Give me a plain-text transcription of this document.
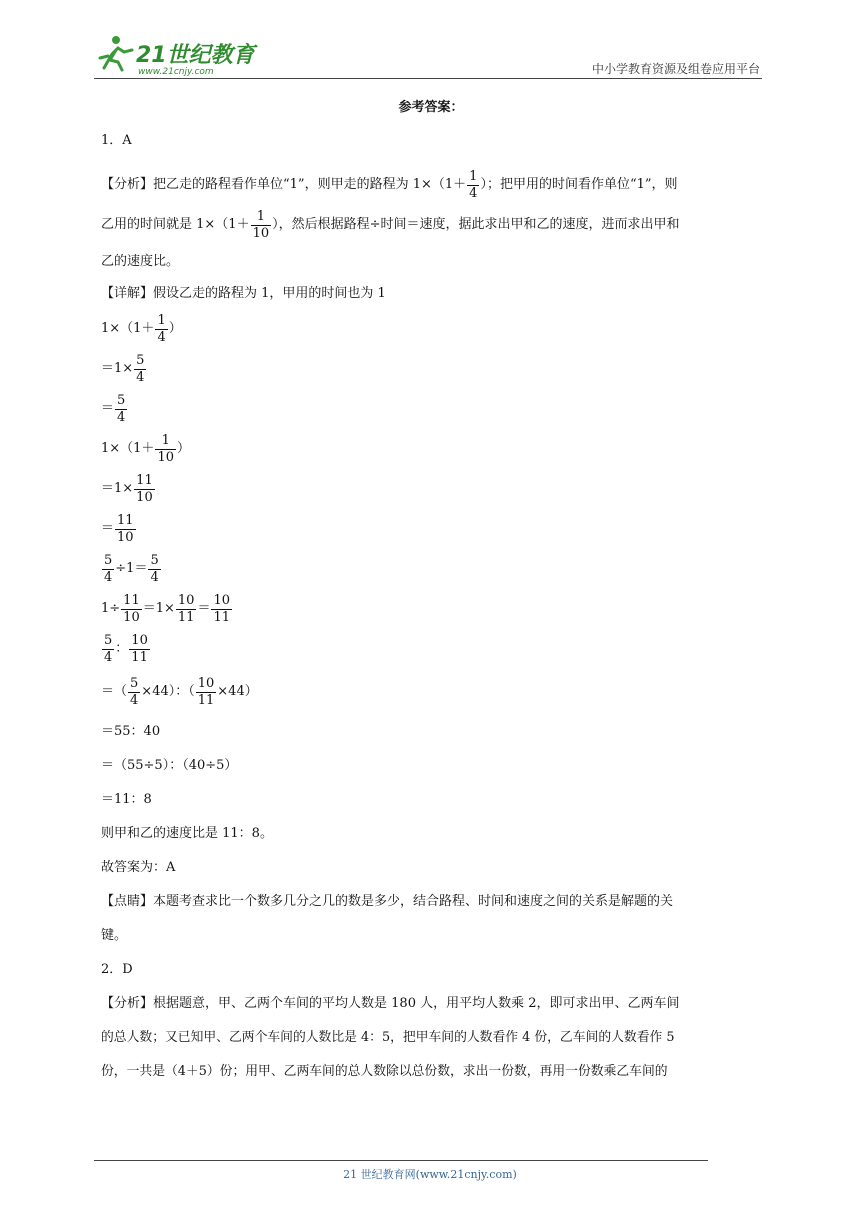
21世纪教育
www.21cnjy.com	中小学教育资源及组卷应用平台
参考答案：
1．A
【分析】 把乙走的路程看作单位“1”，则甲走的路程为 $1\times(1+ \frac{1}{4}$ ）；把甲用的时间看作单位“1”，则
乙用的时间就是 $1\times(1+ \frac{1}{10}$ ），然后根据路程÷时间＝速度，据此求出甲和乙的速度，进而求出甲和
乙的速度比。
【详解】 假设乙走的路程为 1，甲用的时间也为 1
$1\times(1+ \frac{1}{4}$ ）
$=1\times \frac{5}{4}$
＝ $\frac{5}{4}$
$1\times(1+ \frac{1}{10}$ ）
$=1\times \frac{11}{10}$
＝ $\frac{11}{10}$
$\frac{5}{4} \div 1= \frac{5}{4}$
$1\div \frac{11}{10} =1\times \frac{10}{11} = \frac{10}{11}$
$\frac{5}{4}$ ： $\frac{10}{11}$
＝（ $\frac{5}{4} \times 44$）：（ $\frac{10}{11} \times 44$）
＝55：40
＝（55÷5）：（40÷5）
＝11：8
则甲和乙的速度比是 11：8。
故答案为：A
【点睛】 本题考查求比一个数多几分之几的数是多少，结合路程、时间和速度之间的关系是解题的关
键。
2．D
【分析】 根据题意，甲、乙两个车间的平均人数是 180 人，用平均人数乘 2，即可求出甲、乙两车间
的总人数；又已知甲、乙两个车间的人数比是 4：5，把甲车间的人数看作 4 份，乙车间的人数看作 5
份，一共是（4＋5）份；用甲、乙两车间的总人数除以总份数，求出一份数，再用一份数乘乙车间的
21 世纪教育网(www.21cnjy.com)
